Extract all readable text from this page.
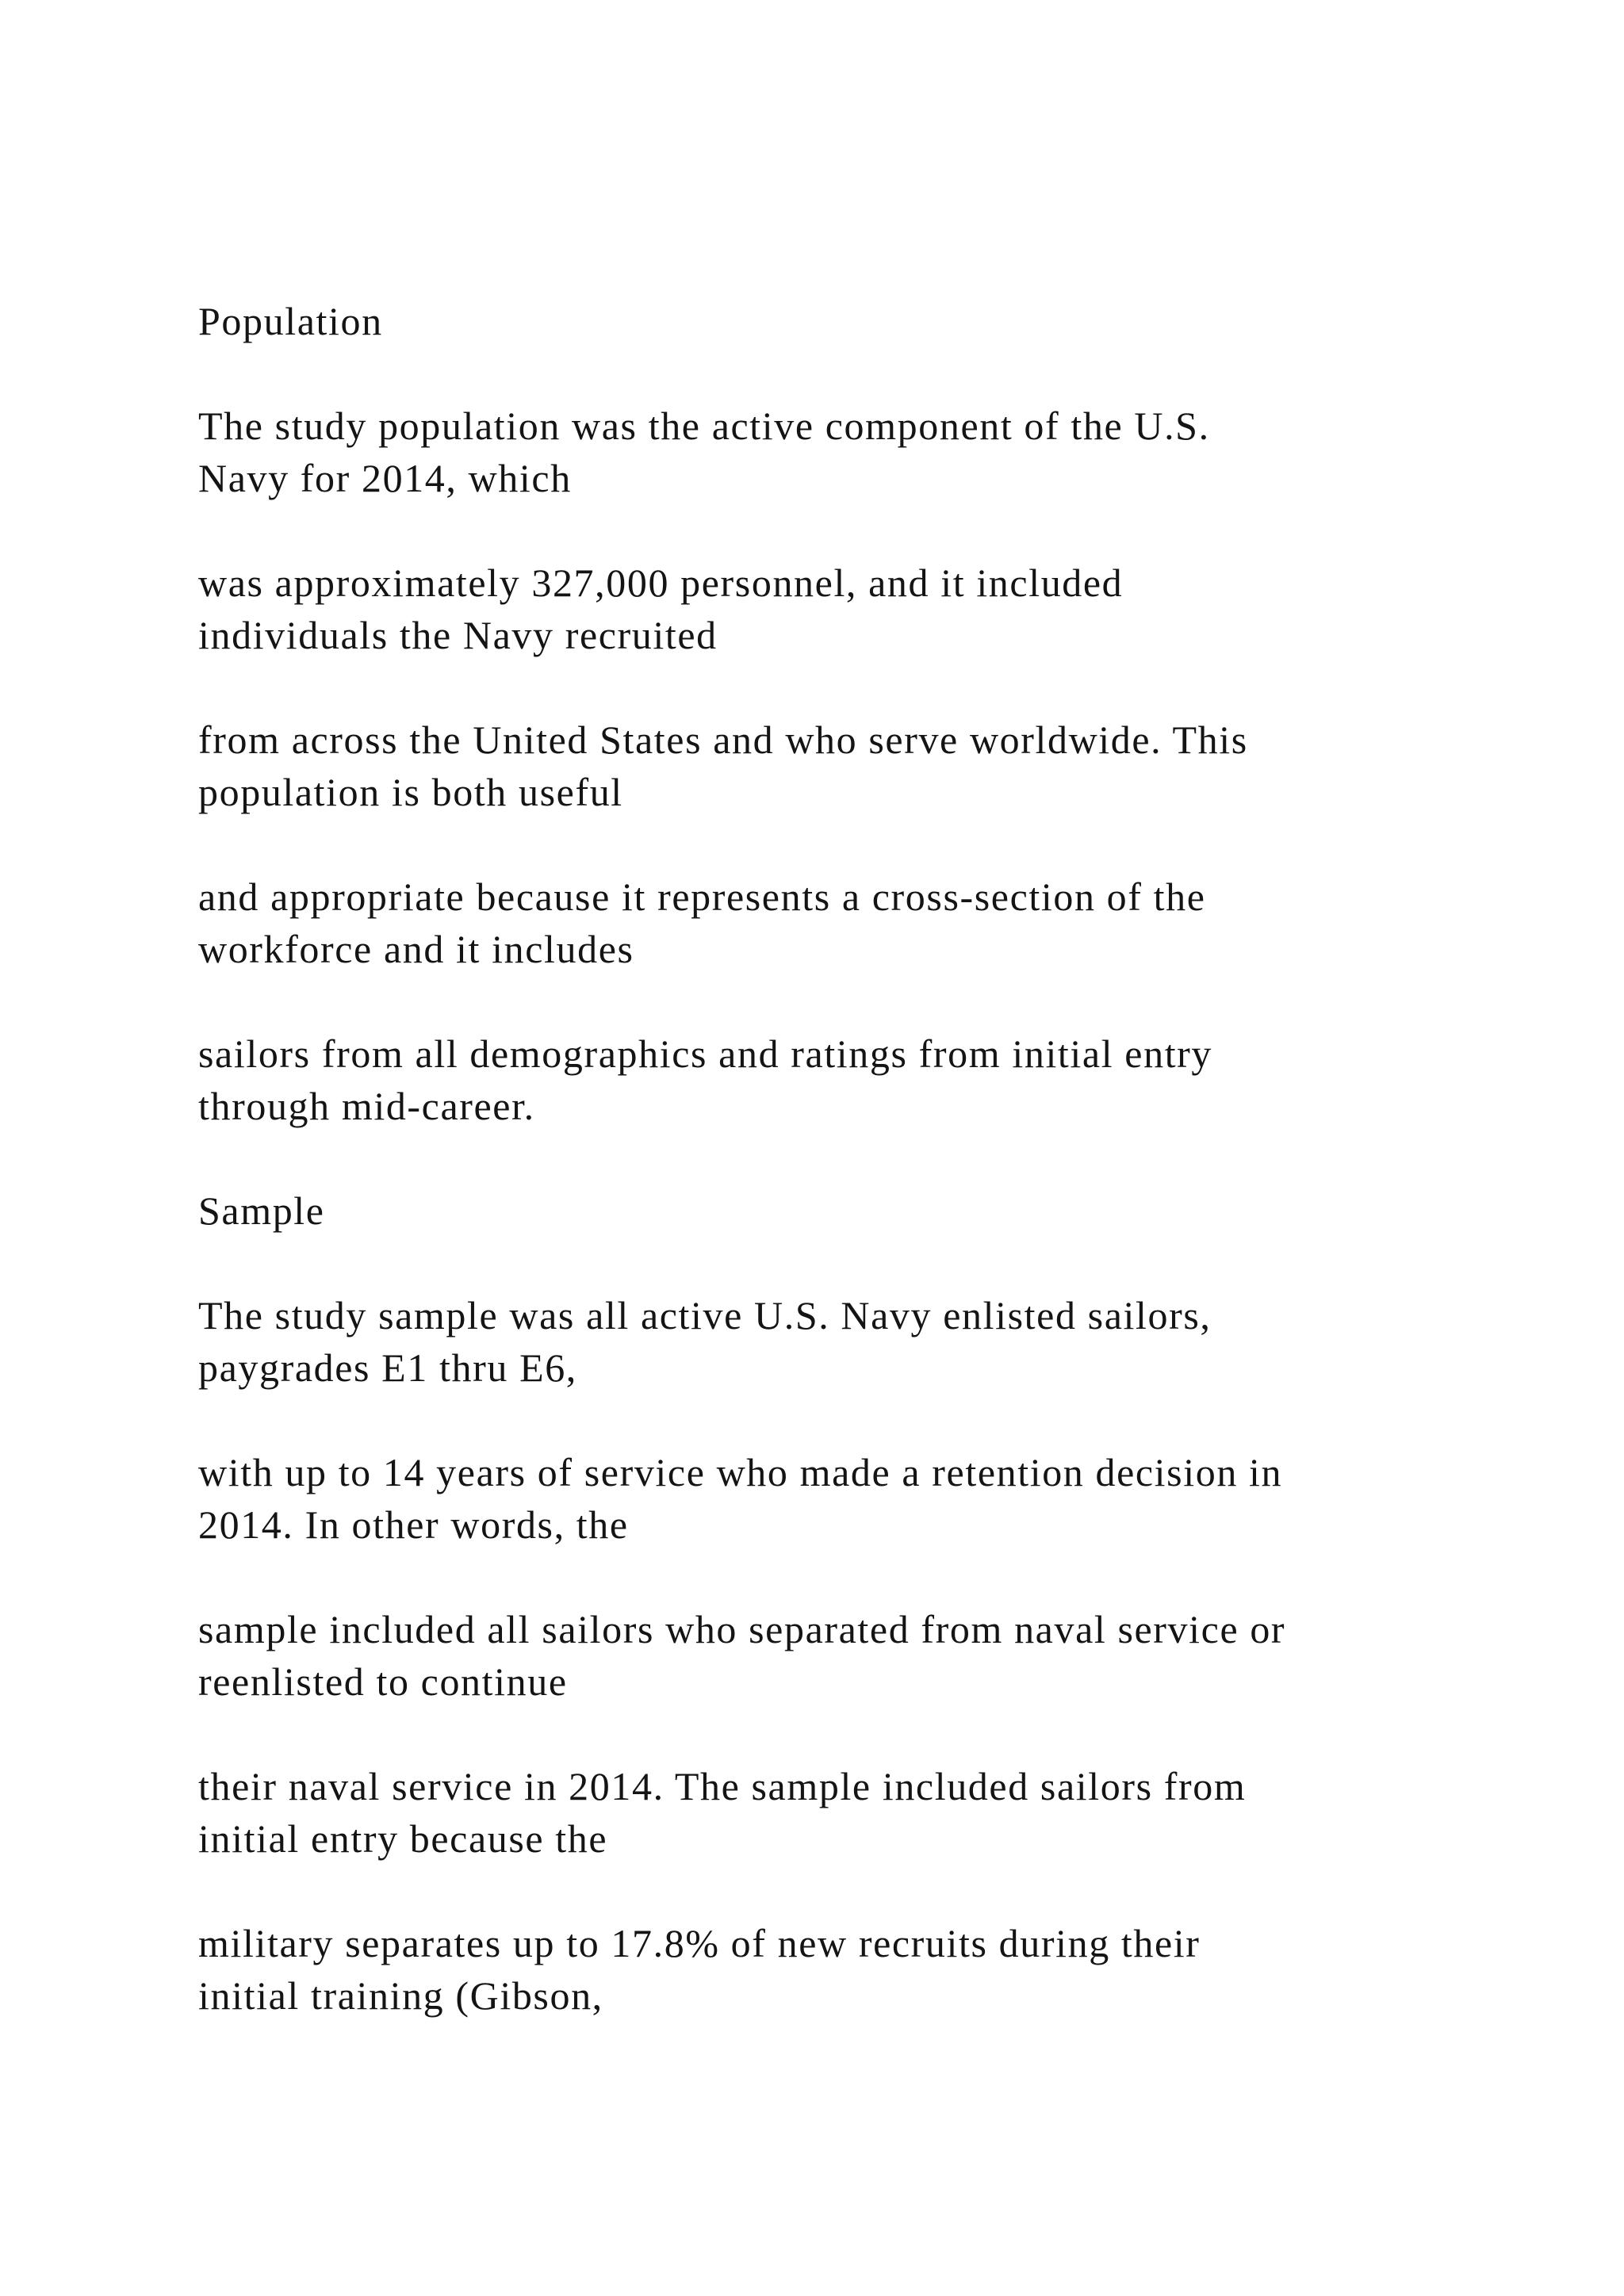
Population
The study population was the active component of the U.S.
Navy for 2014, which
was approximately 327,000 personnel, and it included
individuals the Navy recruited
from across the United States and who serve worldwide. This
population is both useful
and appropriate because it represents a cross-section of the
workforce and it includes
sailors from all demographics and ratings from initial entry
through mid-career.
Sample
The study sample was all active U.S. Navy enlisted sailors,
paygrades E1 thru E6,
with up to 14 years of service who made a retention decision in
2014. In other words, the
sample included all sailors who separated from naval service or
reenlisted to continue
their naval service in 2014. The sample included sailors from
initial entry because the
military separates up to 17.8% of new recruits during their
initial training (Gibson,
